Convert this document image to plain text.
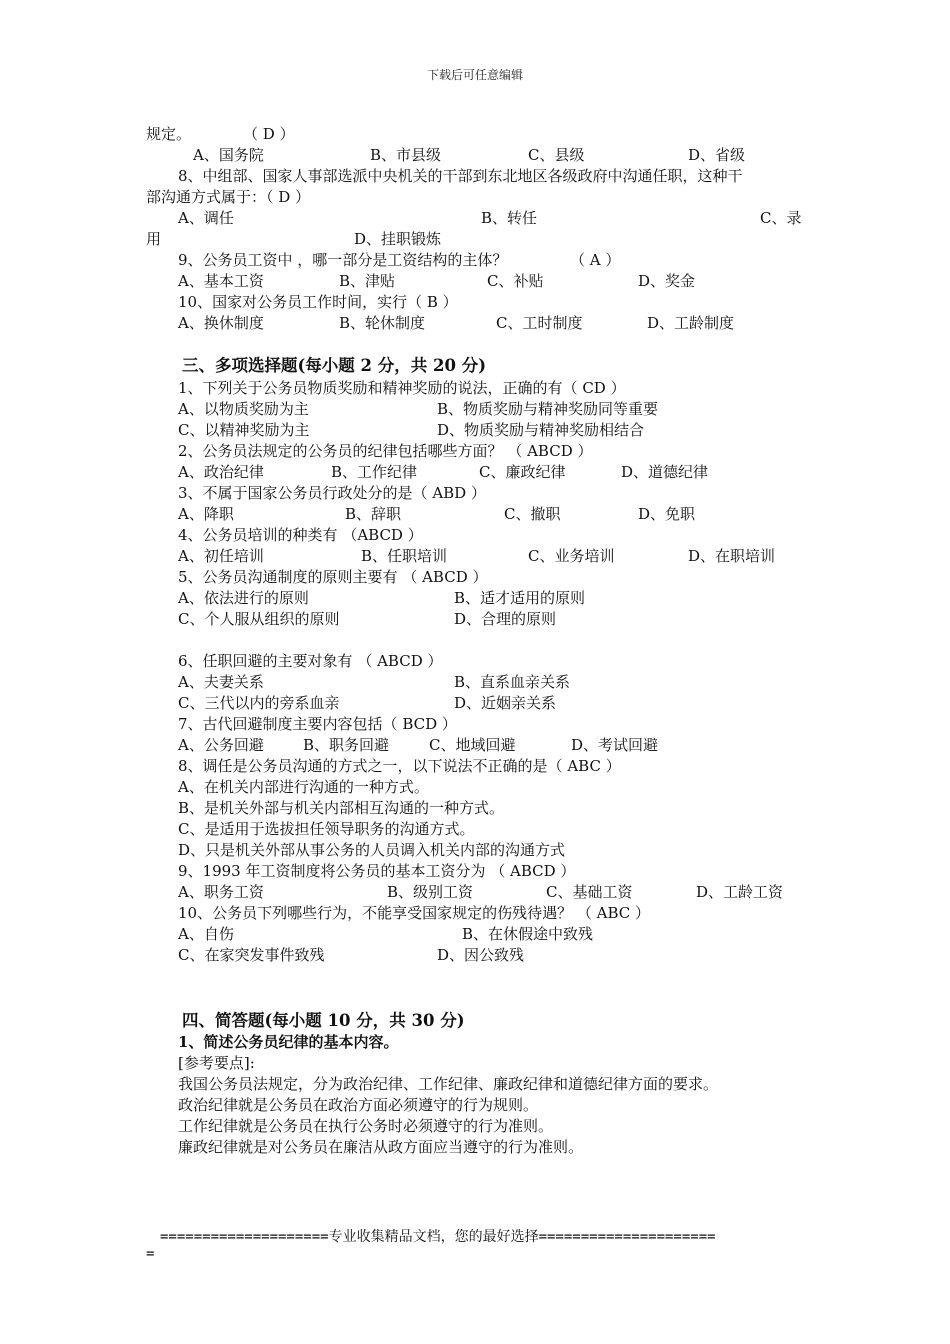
下载后可任意编辑
规定。	（ D ）
A、国务院	B、市县级	C、县级	D、省级
8、中组部、国家人事部选派中央机关的干部到东北地区各级政府中沟通任职，这种干
部沟通方式属于：（ D ）
A、调任	B、转任	C、录
用	D、挂职锻炼
9、公务员工资中 ，哪一部分是工资结构的主体？	（ A ）
A、基本工资	B、津贴	C、补贴	D、奖金
10、国家对公务员工作时间，实行（ B ）
A、换休制度	B、轮休制度	C、工时制度	D、工龄制度
三、多项选择题(每小题 2 分，共 20 分)
1、下列关于公务员物质奖励和精神奖励的说法，正确的有（ CD ）
A、以物质奖励为主	B、物质奖励与精神奖励同等重要
C、以精神奖励为主	D、物质奖励与精神奖励相结合
2、公务员法规定的公务员的纪律包括哪些方面？ （ ABCD ）
A、政治纪律	B、工作纪律	C、廉政纪律	D、道德纪律
3、不属于国家公务员行政处分的是（ ABD ）
A、降职	B、辞职	C、撤职	D、免职
4、公务员培训的种类有 （ABCD ）
A、初任培训	B、任职培训	C、业务培训	D、在职培训
5、公务员沟通制度的原则主要有 （ ABCD ）
A、依法进行的原则	B、适才适用的原则
C、个人服从组织的原则	D、合理的原则
6、任职回避的主要对象有 （ ABCD ）
A、夫妻关系	B、直系血亲关系
C、三代以内的旁系血亲	D、近姻亲关系
7、古代回避制度主要内容包括（ BCD ）
A、公务回避	B、职务回避	C、地域回避	D、考试回避
8、调任是公务员沟通的方式之一，以下说法不正确的是（ ABC ）
A、在机关内部进行沟通的一种方式。
B、是机关外部与机关内部相互沟通的一种方式。
C、是适用于选拔担任领导职务的沟通方式。
D、只是机关外部从事公务的人员调入机关内部的沟通方式
9、1993 年工资制度将公务员的基本工资分为 （ ABCD ）
A、职务工资	B、级别工资	C、基础工资	D、工龄工资
10、公务员下列哪些行为，不能享受国家规定的伤残待遇？ （ ABC ）
A、自伤	B、在休假途中致残
C、在家突发事件致残	D、因公致残
四、简答题(每小题 10 分，共 30 分)
1、简述公务员纪律的基本内容。
[参考要点]:
我国公务员法规定，分为政治纪律、工作纪律、廉政纪律和道德纪律方面的要求。
政治纪律就是公务员在政治方面必须遵守的行为规则。
工作纪律就是公务员在执行公务时必须遵守的行为准则。
廉政纪律就是对公务员在廉洁从政方面应当遵守的行为准则。
====================专业收集精品文档，您的最好选择=====================
=
